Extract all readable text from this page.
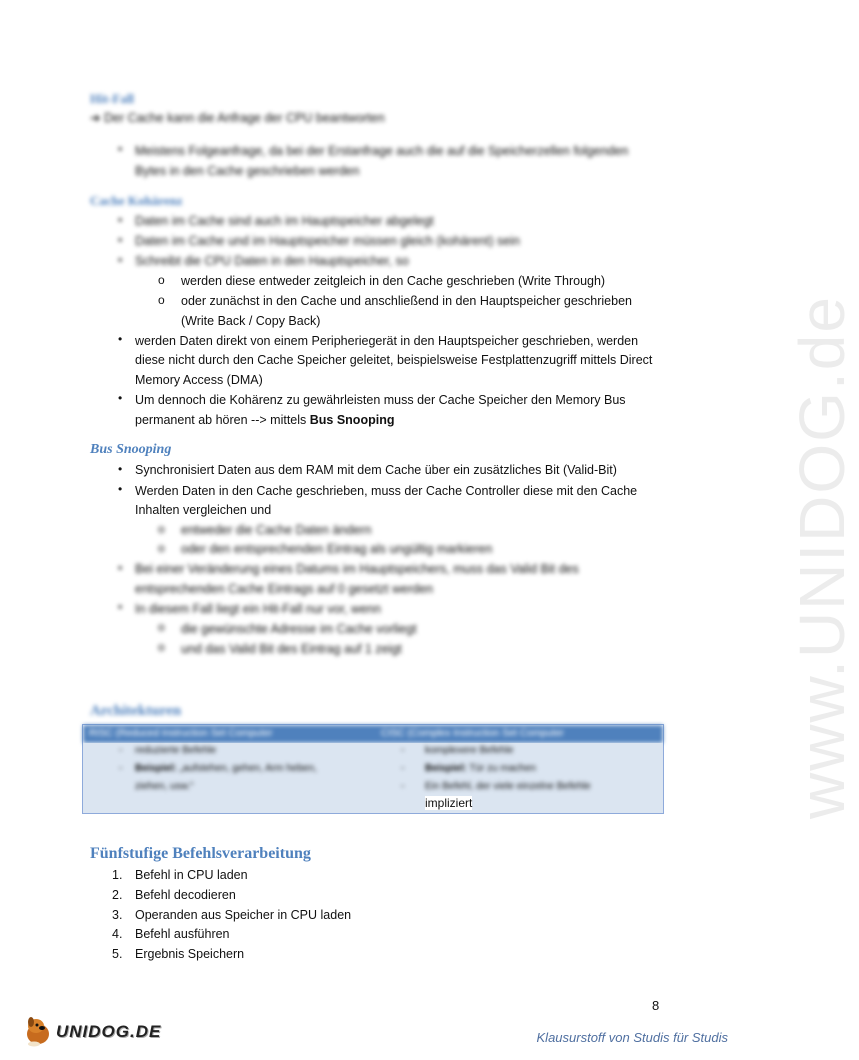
www.UNIDOG.de
Hit-Fall
➔ Der Cache kann die Anfrage der CPU beantworten
• Meistens Folgeanfrage, da bei der Erstanfrage auch die auf die Speicherzellen folgenden
Bytes in den Cache geschrieben werden
Cache Kohärenz
• Daten im Cache sind auch im Hauptspeicher abgelegt
• Daten im Cache und im Hauptspeicher müssen gleich (kohärent) sein
• Schreibt die CPU Daten in den Hauptspeicher, so
o werden diese entweder zeitgleich in den Cache geschrieben (Write Through)
o oder zunächst in den Cache und anschließend in den Hauptspeicher geschrieben
(Write Back / Copy Back)
• werden Daten direkt von einem Peripheriegerät in den Hauptspeicher geschrieben, werden
diese nicht durch den Cache Speicher geleitet, beispielsweise Festplattenzugriff mittels Direct
Memory Access (DMA)
• Um dennoch die Kohärenz zu gewährleisten muss der Cache Speicher den Memory Bus
permanent ab hören --> mittels Bus Snooping
Bus Snooping
• Synchronisiert Daten aus dem RAM mit dem Cache über ein zusätzliches Bit (Valid-Bit)
• Werden Daten in den Cache geschrieben, muss der Cache Controller diese mit den Cache
Inhalten vergleichen und
o entweder die Cache Daten ändern
o oder den entsprechenden Eintrag als ungültig markieren
• Bei einer Veränderung eines Datums im Hauptspeichers, muss das Valid Bit des
entsprechenden Cache Eintrags auf 0 gesetzt werden
• In diesem Fall liegt ein Hit-Fall nur vor, wenn
o die gewünschte Adresse im Cache vorliegt
o und das Valid Bit des Eintrag auf 1 zeigt
Architekturen
RISC (Reduced Instruction Set Computer	CISC (Complex Instruction Set Computer
- reduzierte Befehle
- Beispiel: „aufstehen, gehen, Arm heben,
ziehen, usw.“
- komplexere Befehle
- Beispiel: Tür zu machen
- Ein Befehl, der viele einzelne Befehle
impliziert
Fünfstufige Befehlsverarbeitung
1. Befehl in CPU laden
2. Befehl decodieren
3. Operanden aus Speicher in CPU laden
4. Befehl ausführen
5. Ergebnis Speichern
8
UNIDOG.DE	Klausurstoff von Studis für Studis
